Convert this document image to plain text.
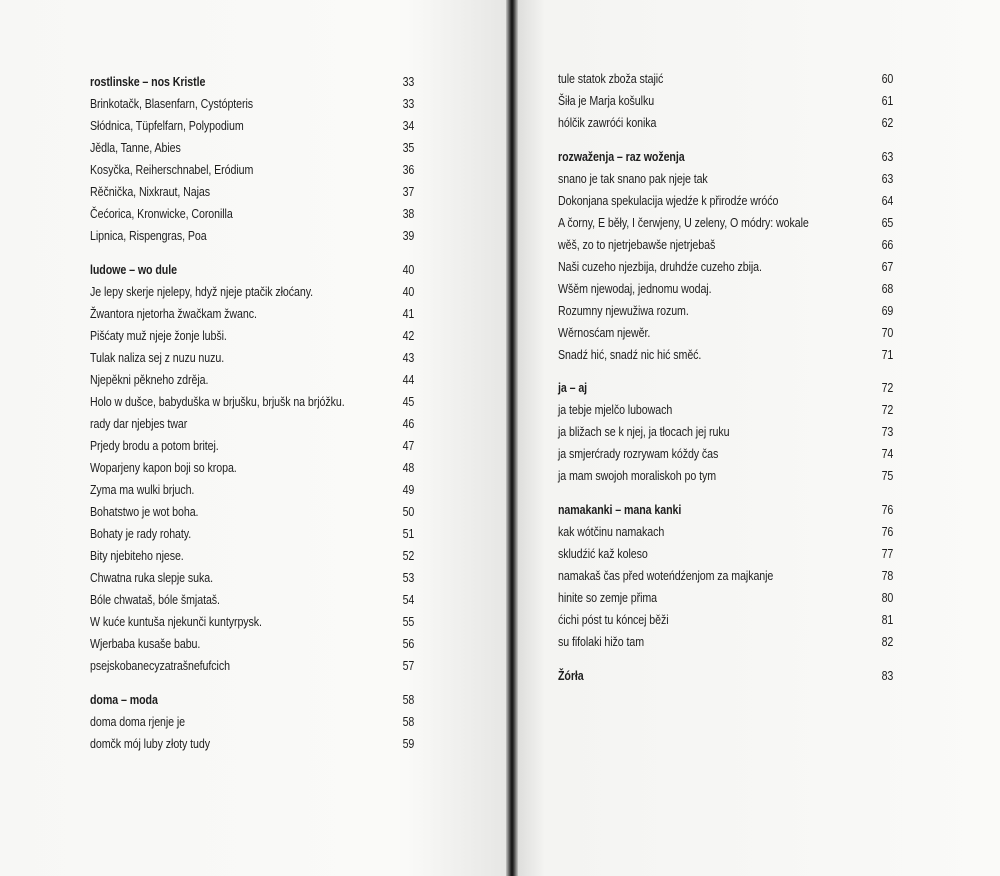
rostlinske – nos Kristle	33
Brinkotačk, Blasenfarn, Cystópteris	33
Słódnica, Tüpfelfarn, Polypodium	34
Jědla, Tanne, Abies	35
Kosyčka, Reiherschnabel, Eródium	36
Rěčnička, Nixkraut, Najas	37
Čećorica, Kronwicke, Coronilla	38
Lipnica, Rispengras, Poa	39
ludowe – wo dule	40
Je lepy skerje njelepy, hdyž njeje ptačik złoćany.	40
Žwantora njetorha žwačkam žwanc.	41
Pišćaty muž njeje žonje lubši.	42
Tulak naliza sej z nuzu nuzu.	43
Njepěkni pěkneho zdrěja.	44
Holo w dušce, babyduška w brjušku, brjušk na brjóžku.	45
rady dar njebjes twar	46
Prjedy brodu a potom britej.	47
Woparjeny kapon boji so kropa.	48
Zyma ma wulki brjuch.	49
Bohatstwo je wot boha.	50
Bohaty je rady rohaty.	51
Bity njebiteho njese.	52
Chwatna ruka slepje suka.	53
Bóle chwataš, bóle šmjataš.	54
W kuće kuntuša njekunči kuntyrpysk.	55
Wjerbaba kusaše babu.	56
psejskobanecyzatrašnefufcich	57
doma – moda	58
doma doma rjenje je	58
domčk mój luby złoty tudy	59
tule statok zboža stajić	60
Šiła je Marja košulku	61
hólčik zawróći konika	62
rozwaženja – raz woženja	63
snano je tak snano pak njeje tak	63
Dokonjana spekulacija wjedźe k přirodźe wróćo	64
A čorny, E běły, I čerwjeny, U zeleny, O módry: wokale	65
wěš, zo to njetrjebawše njetrjebaš	66
Naši cuzeho njezbija, druhdźe cuzeho zbija.	67
Wšěm njewodaj, jednomu wodaj.	68
Rozumny njewužiwa rozum.	69
Wěrnosćam njewěr.	70
Snadź hić, snadź nic hić směć.	71
ja – aj	72
ja tebje mjelčo lubowach	72
ja bližach se k njej, ja tłocach jej ruku	73
ja smjerćrady rozrywam kóždy čas	74
ja mam swojoh moraliskoh po tym	75
namakanki – mana kanki	76
kak wótčinu namakach	76
skludźić kaž koleso	77
namakaš čas před woteńdźenjom za majkanje	78
hinite so zemje přima	80
ćichi póst tu kóncej běži	81
su fifolaki hižo tam	82
Žórła	83
